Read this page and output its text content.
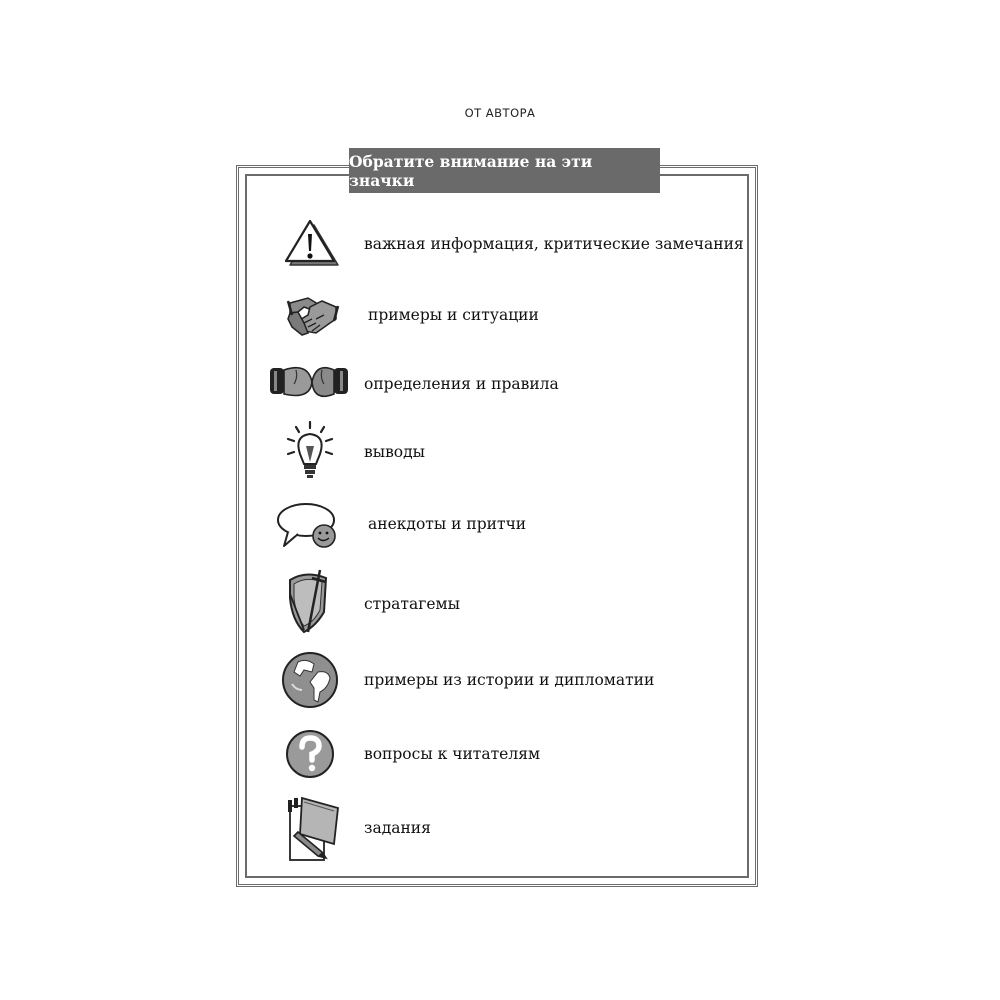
ОТ АВТОРА
Обратите внимание на эти значки
важная информация, критические замечания
примеры и ситуации
определения и правила
выводы
анекдоты и притчи
стратагемы
примеры из истории и дипломатии
вопросы к читателям
задания
